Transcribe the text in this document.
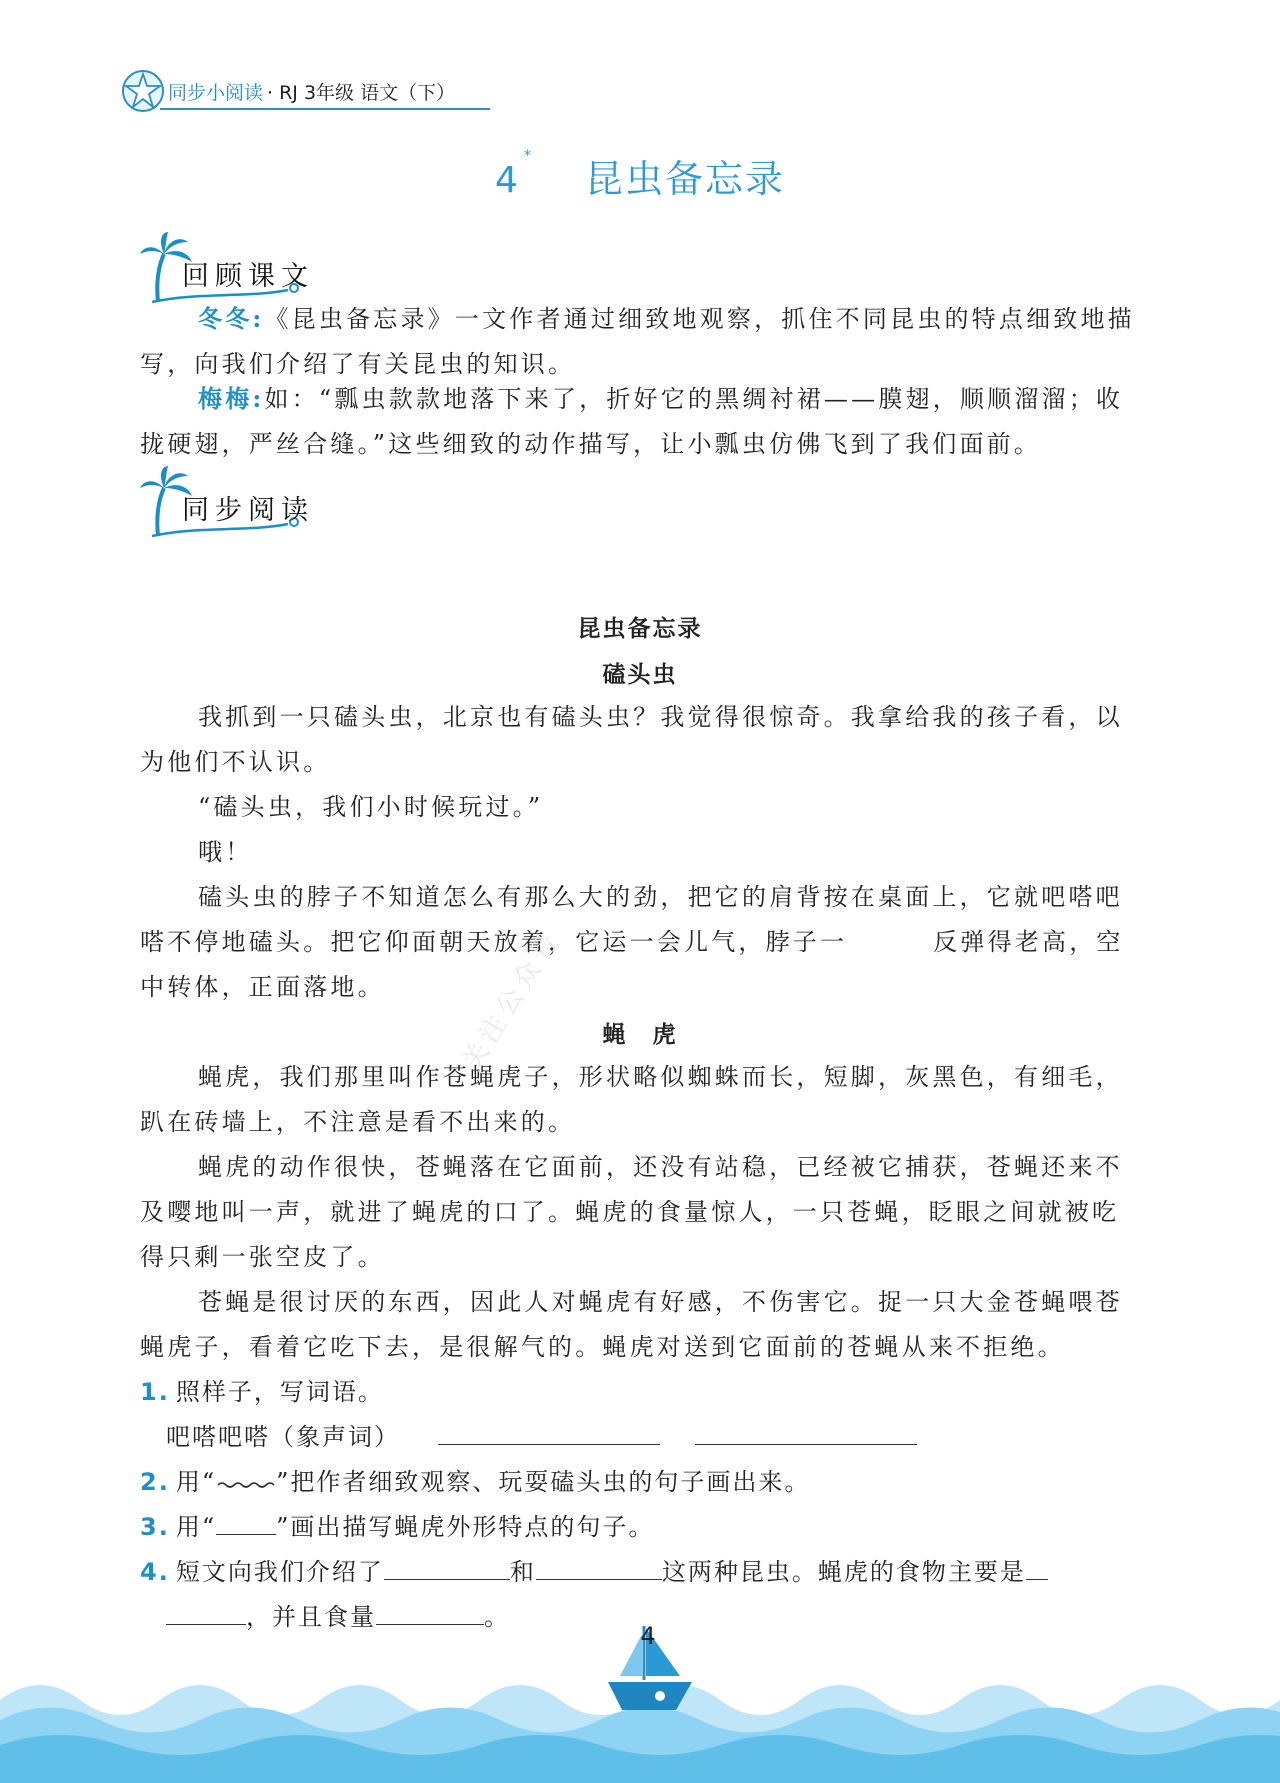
同步小阅读 · RJ 3年级 语文（下）
4*昆虫备忘录
回顾课文
冬冬:《昆虫备忘录》一文作者通过细致地观察，抓住不同昆虫的特点细致地描写，向我们介绍了有关昆虫的知识。
梅梅:如：“瓢虫款款地落下来了，折好它的黑绸衬裙——膜翅，顺顺溜溜；收拢硬翅，严丝合缝。”这些细致的动作描写，让小瓢虫仿佛飞到了我们面前。
同步阅读
昆虫备忘录
磕头虫
我抓到一只磕头虫，北京也有磕头虫？我觉得很惊奇。我拿给我的孩子看，以为他们不认识。
“磕头虫，我们小时候玩过。”
哦！
磕头虫的脖子不知道怎么有那么大的劲，把它的肩背按在桌面上，它就吧嗒吧嗒不停地磕头。把它仰面朝天放着，它运一会儿气，脖子一	反弹得老高，空中转体，正面落地。
蝇　虎
蝇虎，我们那里叫作苍蝇虎子，形状略似蜘蛛而长，短脚，灰黑色，有细毛，趴在砖墙上，不注意是看不出来的。
蝇虎的动作很快，苍蝇落在它面前，还没有站稳，已经被它捕获，苍蝇还来不及嘤地叫一声，就进了蝇虎的口了。蝇虎的食量惊人，一只苍蝇，眨眼之间就被吃得只剩一张空皮了。
苍蝇是很讨厌的东西，因此人对蝇虎有好感，不伤害它。捉一只大金苍蝇喂苍蝇虎子，看着它吃下去，是很解气的。蝇虎对送到它面前的苍蝇从来不拒绝。
1. 照样子，写词语。
吧嗒吧嗒（象声词）
2. 用“	”把作者细致观察、玩耍磕头虫的句子画出来。
3. 用“	”画出描写蝇虎外形特点的句子。
4. 短文向我们介绍了	和	这两种昆虫。蝇虎的食物主要是
，并且食量	。
关注公众号
4
